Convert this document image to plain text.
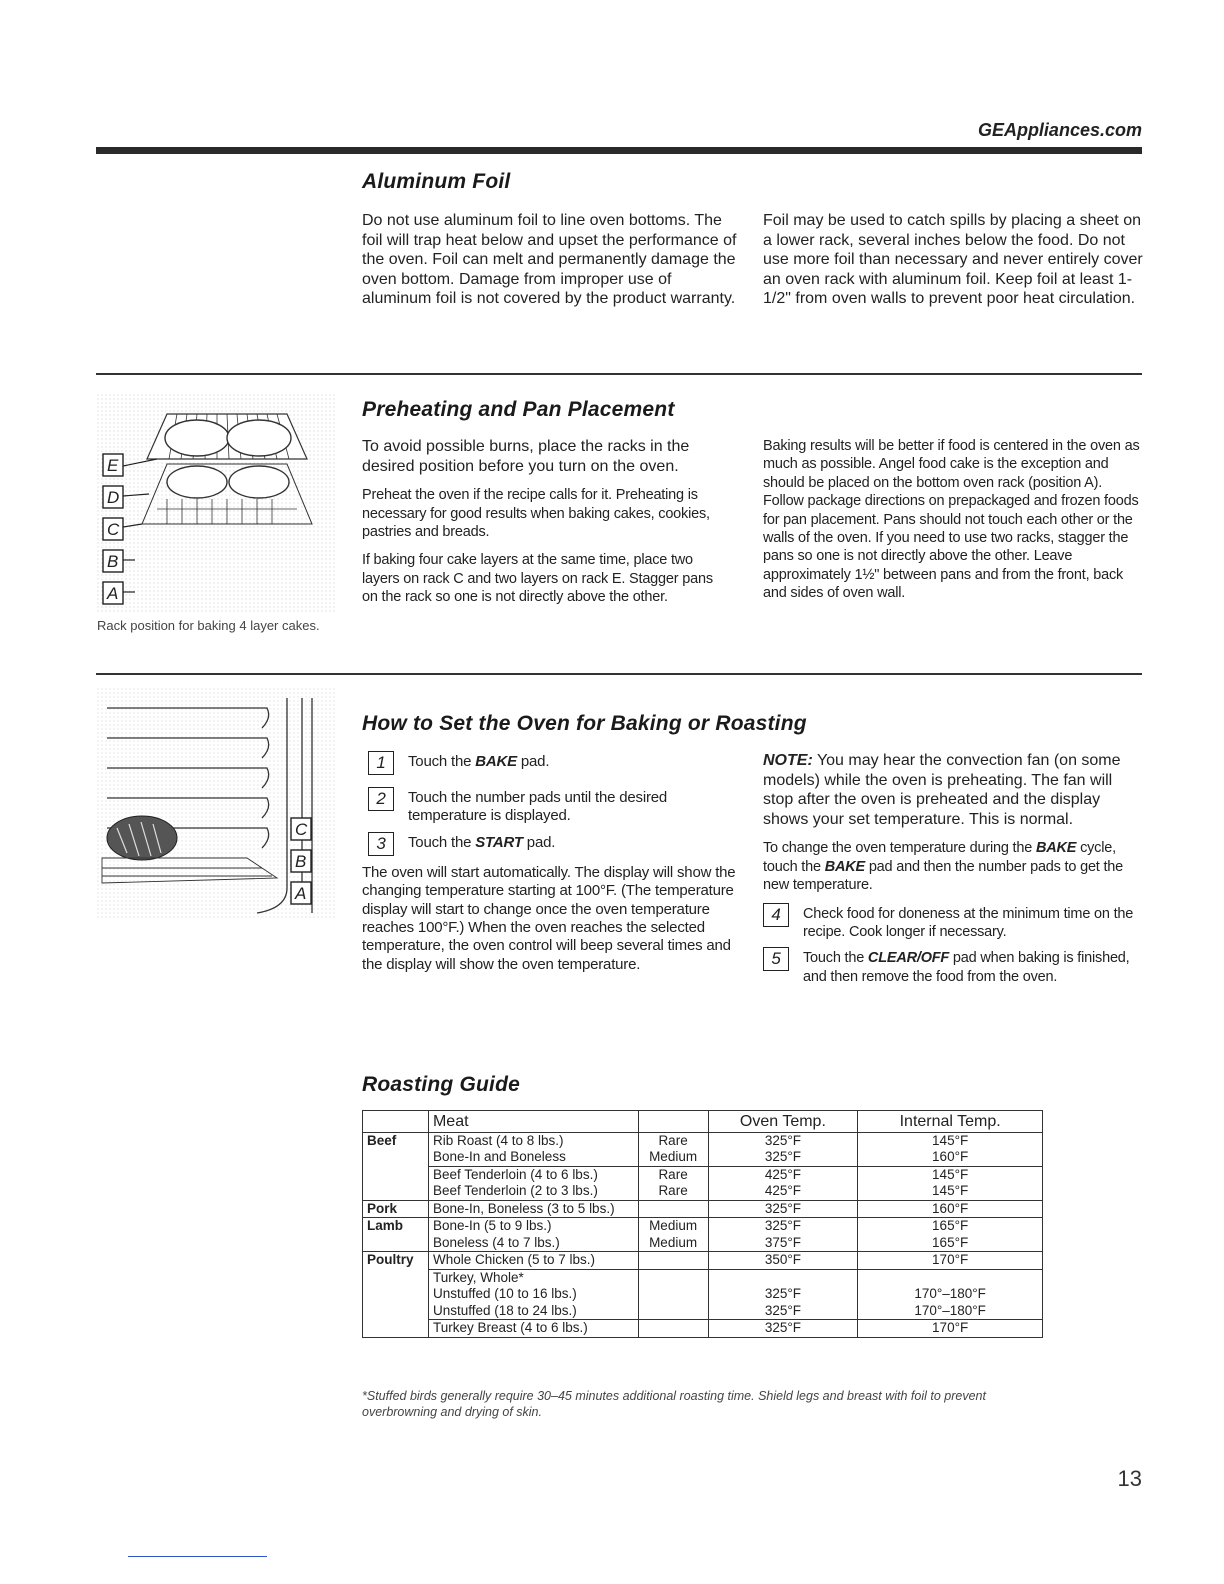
GEAppliances.com
Aluminum Foil

Do not use aluminum foil to line oven bottoms. The foil will trap heat below and upset the performance of the oven. Foil can melt and permanently damage the oven bottom. Damage from improper use of aluminum foil is not covered by the product warranty.

Foil may be used to catch spills by placing a sheet on a lower rack, several inches below the food. Do not use more foil than necessary and never entirely cover an oven rack with aluminum foil. Keep foil at least 1-1/2" from oven walls to prevent poor heat circulation.

E
D
C
B
A
Rack position for baking 4 layer cakes.
Preheating and Pan Placement

To avoid possible burns, place the racks in the desired position before you turn on the oven.

Preheat the oven if the recipe calls for it. Preheating is necessary for good results when baking cakes, cookies, pastries and breads.

If baking four cake layers at the same time, place two layers on rack C and two layers on rack E. Stagger pans on the rack so one is not directly above the other.

Baking results will be better if food is centered in the oven as much as possible. Angel food cake is the exception and should be placed on the bottom oven rack (position A). Follow package directions on prepackaged and frozen foods for pan placement. Pans should not touch each other or the walls of the oven. If you need to use two racks, stagger the pans so one is not directly above the other. Leave approximately 1½" between pans and from the front, back and sides of oven wall.

C
B
A
How to Set the Oven for Baking or Roasting
1	Touch the BAKE pad.
2	Touch the number pads until the desired temperature is displayed.
3	Touch the START pad.

The oven will start automatically. The display will show the changing temperature starting at 100°F. (The temperature display will start to change once the oven temperature reaches 100°F.) When the oven reaches the selected temperature, the oven control will beep several times and the display will show the oven temperature.

NOTE: You may hear the convection fan (on some models) while the oven is preheating. The fan will stop after the oven is preheated and the display shows your set temperature. This is normal.

To change the oven temperature during the BAKE cycle, touch the BAKE pad and then the number pads to get the new temperature.

4	Check food for doneness at the minimum time on the recipe. Cook longer if necessary.
5	Touch the CLEAR/OFF pad when baking is finished, and then remove the food from the oven.
Roasting Guide
	Meat		Oven Temp.	Internal Temp.
Beef	Rib Roast (4 to 8 lbs.)	Rare	325°F	145°F
	Bone-In and Boneless	Medium	325°F	160°F
	Beef Tenderloin (4 to 6 lbs.)	Rare	425°F	145°F
	Beef Tenderloin (2 to 3 lbs.)	Rare	425°F	145°F
Pork	Bone-In, Boneless (3 to 5 lbs.)		325°F	160°F
Lamb	Bone-In (5 to 9 lbs.)	Medium	325°F	165°F
	Boneless (4 to 7 lbs.)	Medium	375°F	165°F
Poultry	Whole Chicken (5 to 7 lbs.)		350°F	170°F
	Turkey, Whole*			
	Unstuffed (10 to 16 lbs.)		325°F	170°–180°F
	Unstuffed (18 to 24 lbs.)		325°F	170°–180°F
	Turkey Breast (4 to 6 lbs.)		325°F	170°F
*Stuffed birds generally require 30–45 minutes additional roasting time. Shield legs and breast with foil to prevent overbrowning and drying of skin.
13
